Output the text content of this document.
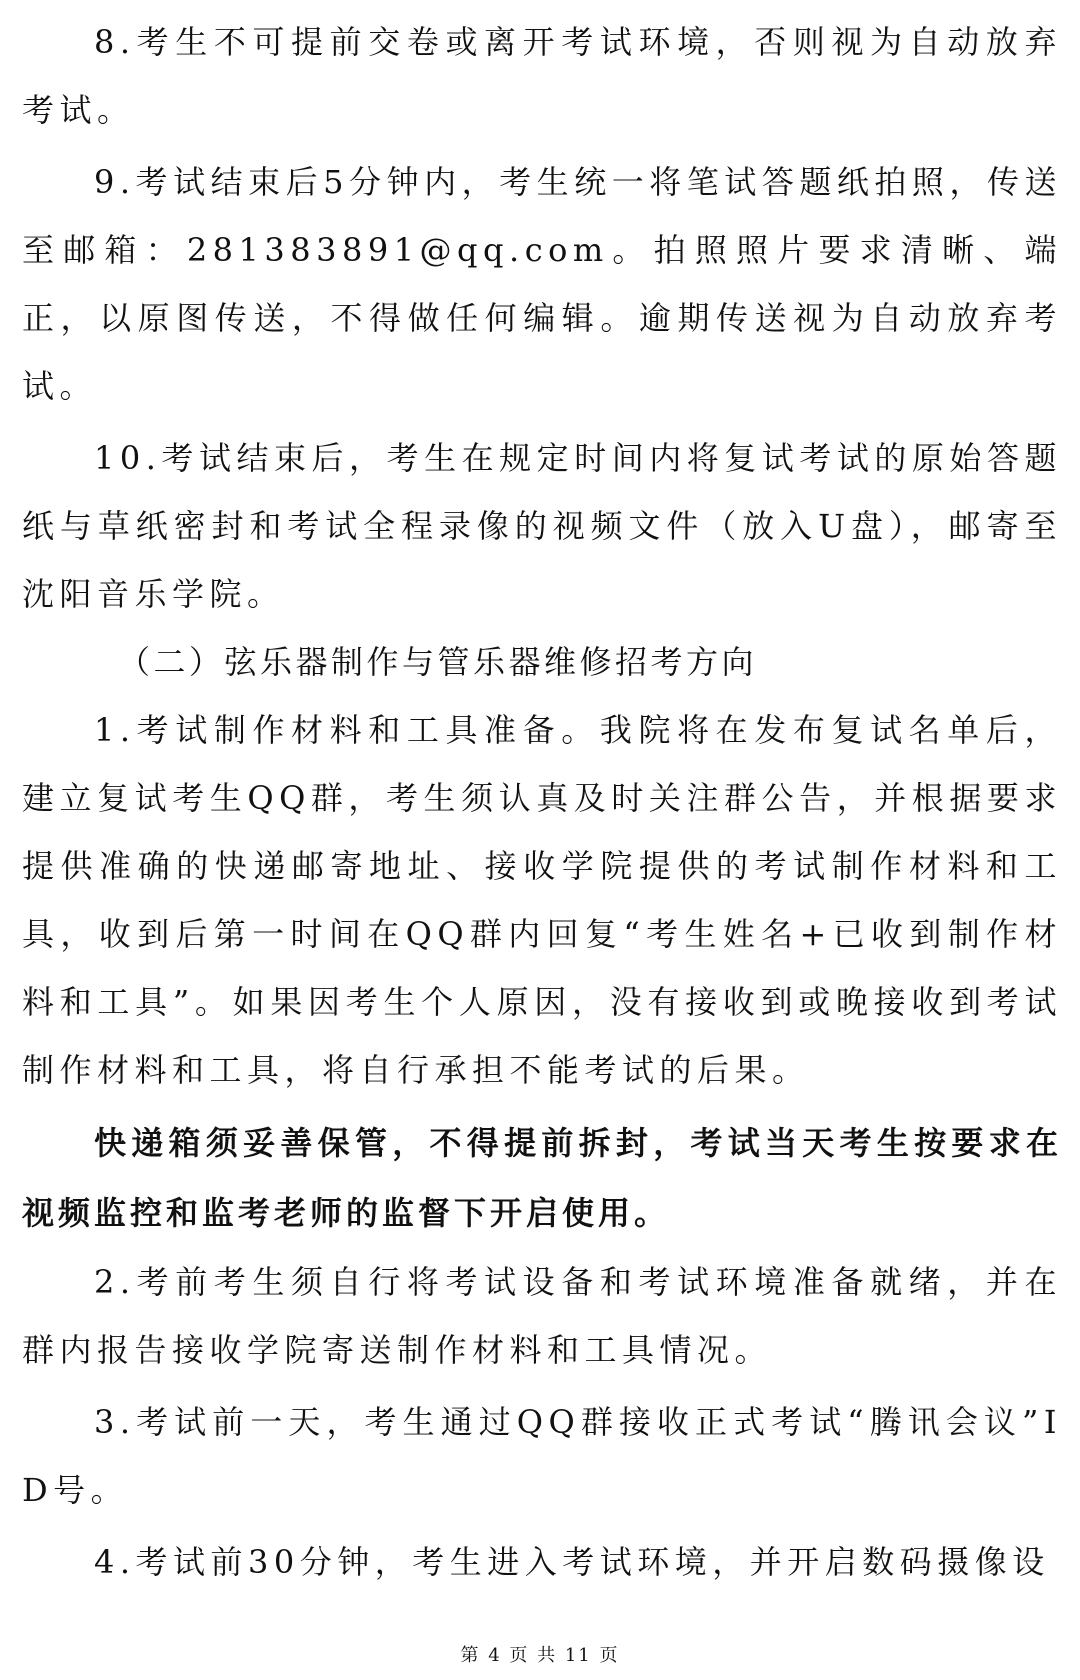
8.考生不可提前交卷或离开考试环境，否则视为自动放弃考试。

9.考试结束后5分钟内，考生统一将笔试答题纸拍照，传送至邮箱：281383891@qq.com。拍照照片要求清晰、端正，以原图传送，不得做任何编辑。逾期传送视为自动放弃考试。

10.考试结束后，考生在规定时间内将复试考试的原始答题纸与草纸密封和考试全程录像的视频文件（放入U盘），邮寄至沈阳音乐学院。

（二）弦乐器制作与管乐器维修招考方向

1.考试制作材料和工具准备。我院将在发布复试名单后，建立复试考生QQ群，考生须认真及时关注群公告，并根据要求提供准确的快递邮寄地址、接收学院提供的考试制作材料和工具，收到后第一时间在QQ群内回复“考生姓名+已收到制作材料和工具”。如果因考生个人原因，没有接收到或晚接收到考试制作材料和工具，将自行承担不能考试的后果。

快递箱须妥善保管，不得提前拆封，考试当天考生按要求在视频监控和监考老师的监督下开启使用。

2.考前考生须自行将考试设备和考试环境准备就绪，并在群内报告接收学院寄送制作材料和工具情况。

3.考试前一天，考生通过QQ群接收正式考试“腾讯会议”ID号。

4.考试前30分钟，考生进入考试环境，并开启数码摄像设

第 4 页 共 11 页
